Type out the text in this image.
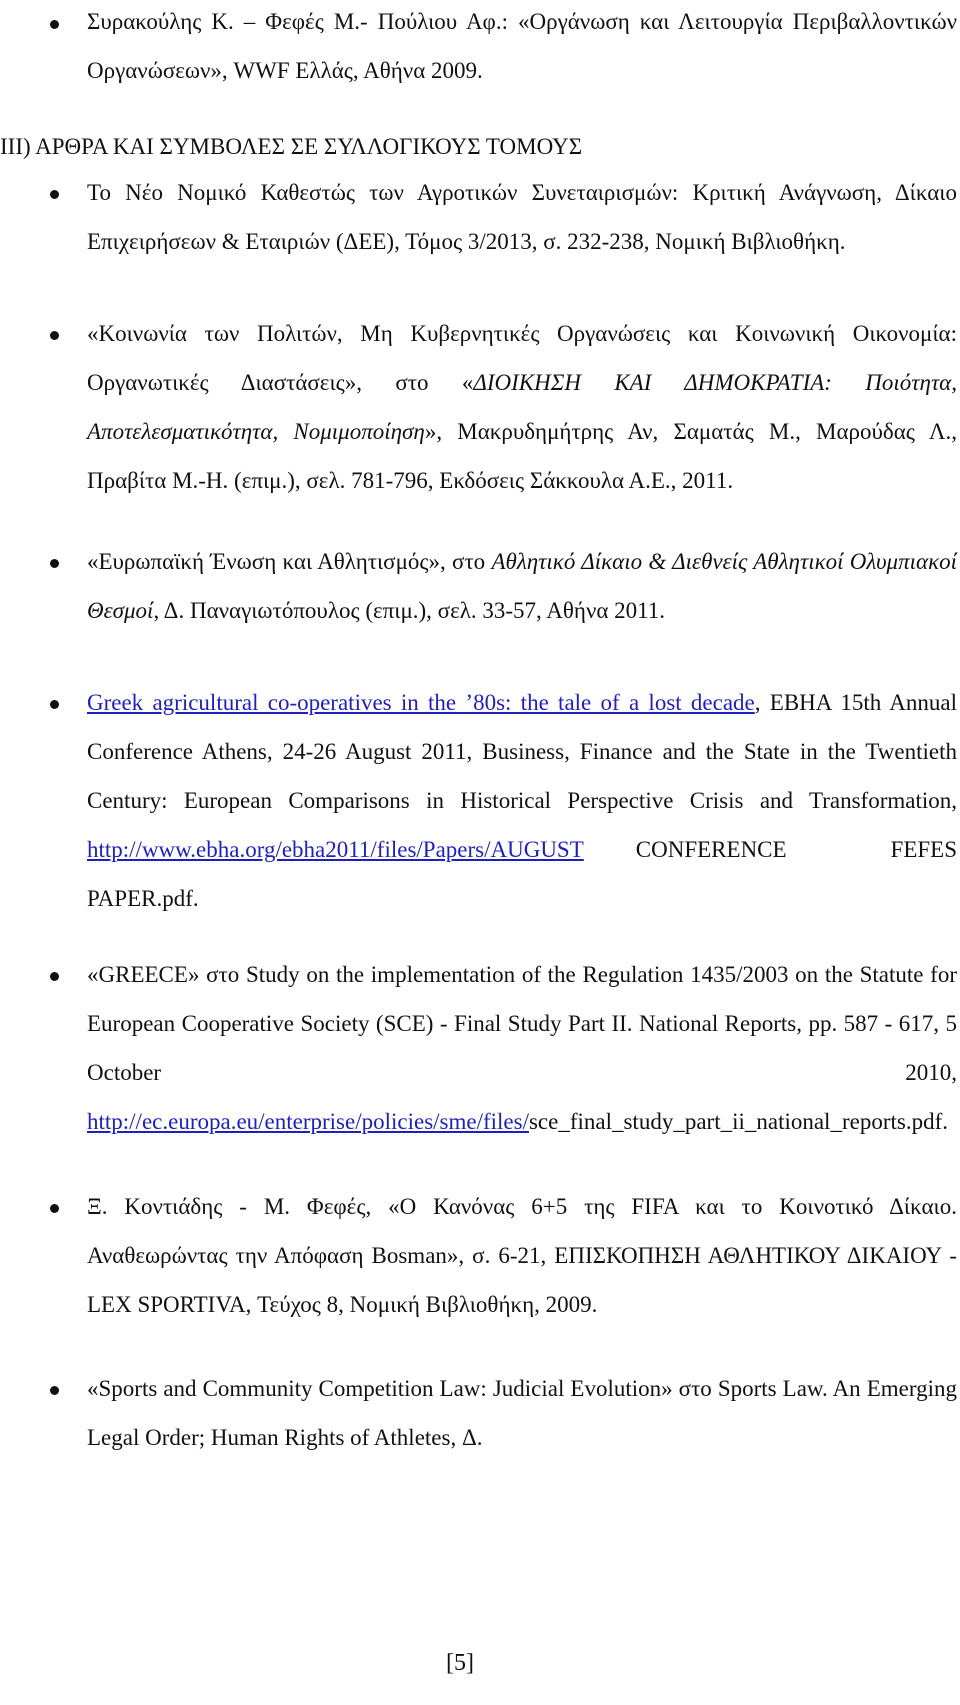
Συρακούλης Κ. – Φεφές Μ.- Πούλιου Αφ.: «Οργάνωση και Λειτουργία Περιβαλλοντικών Οργανώσεων», WWF Ελλάς, Αθήνα 2009.
ΙΙΙ) ΑΡΘΡΑ ΚΑΙ ΣΥΜΒΟΛΕΣ ΣΕ ΣΥΛΛΟΓΙΚΟΥΣ ΤΟΜΟΥΣ
Το Νέο Νομικό Καθεστώς των Αγροτικών Συνεταιρισμών: Κριτική Ανάγνωση, Δίκαιο Επιχειρήσεων & Εταιριών (ΔΕΕ), Τόμος 3/2013, σ. 232-238, Νομική Βιβλιοθήκη.
«Κοινωνία των Πολιτών, Μη Κυβερνητικές Οργανώσεις και Κοινωνική Οικονομία: Οργανωτικές Διαστάσεις», στο «ΔΙΟΙΚΗΣΗ ΚΑΙ ΔΗΜΟΚΡΑΤΙΑ: Ποιότητα, Αποτελεσματικότητα, Νομιμοποίηση», Μακρυδημήτρης Αν, Σαματάς Μ., Μαρούδας Λ., Πραβίτα Μ.-Η. (επιμ.), σελ. 781-796, Εκδόσεις Σάκκουλα Α.Ε., 2011.
«Ευρωπαϊκή Ένωση και Αθλητισμός», στο Αθλητικό Δίκαιο & Διεθνείς Αθλητικοί Ολυμπιακοί Θεσμοί, Δ. Παναγιωτόπουλος (επιμ.), σελ. 33-57, Αθήνα 2011.
Greek agricultural co-operatives in the ’80s: the tale of a lost decade, EBHA 15th Annual Conference Athens, 24-26 August 2011, Business, Finance and the State in the Twentieth Century: European Comparisons in Historical Perspective Crisis and Transformation, http://www.ebha.org/ebha2011/files/Papers/AUGUST CONFERENCE FEFES PAPER.pdf.
«GREECE» στο Study on the implementation of the Regulation 1435/2003 on the Statute for European Cooperative Society (SCE) - Final Study Part II. National Reports, pp. 587 - 617, 5 October 2010, http://ec.europa.eu/enterprise/policies/sme/files/sce_final_study_part_ii_national_reports.pdf.
Ξ. Κοντιάδης - Μ. Φεφές, «Ο Κανόνας 6+5 της FIFA και το Κοινοτικό Δίκαιο. Αναθεωρώντας την Απόφαση Bosman», σ. 6-21, ΕΠΙΣΚΟΠΗΣΗ ΑΘΛΗΤΙΚΟΥ ΔΙΚΑΙΟΥ - LEX SPORTIVA, Τεύχος 8, Νομική Βιβλιοθήκη, 2009.
«Sports and Community Competition Law: Judicial Evolution» στο Sports Law. An Emerging Legal Order; Human Rights of Athletes, Δ.
[5]
